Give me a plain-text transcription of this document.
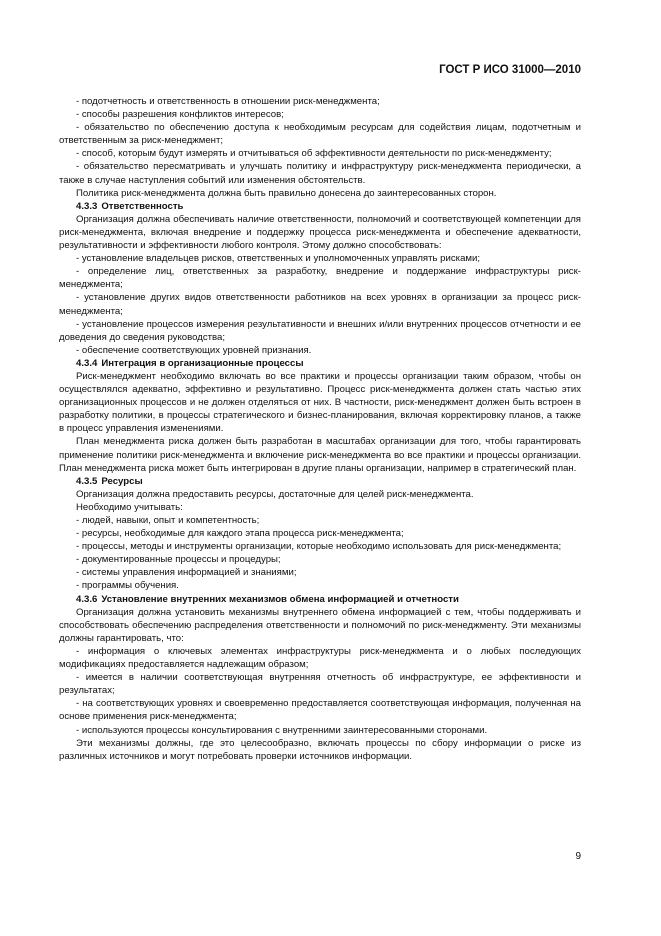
ГОСТ Р ИСО 31000—2010

- подотчетность и ответственность в отношении риск-менеджмента;

- способы разрешения конфликтов интересов;

- обязательство по обеспечению доступа к необходимым ресурсам для содействия лицам, подотчетным и ответственным за риск-менеджмент;

- способ, которым будут измерять и отчитываться об эффективности деятельности по риск-менеджменту;

- обязательство пересматривать и улучшать политику и инфраструктуру риск-менеджмента периодически, а также в случае наступления событий или изменения обстоятельств.

Политика риск-менеджмента должна быть правильно донесена до заинтересованных сторон.

4.3.3 Ответственность

Организация должна обеспечивать наличие ответственности, полномочий и соответствующей компетенции для риск-менеджмента, включая внедрение и поддержку процесса риск-менеджмента и обеспечение адекватности, результативности и эффективности любого контроля. Этому должно способствовать:

- установление владельцев рисков, ответственных и уполномоченных управлять рисками;

- определение лиц, ответственных за разработку, внедрение и поддержание инфраструктуры риск-менеджмента;

- установление других видов ответственности работников на всех уровнях в организации за процесс риск-менеджмента;

- установление процессов измерения результативности и внешних и/или внутренних процессов отчетности и ее доведения до сведения руководства;

- обеспечение соответствующих уровней признания.

4.3.4 Интеграция в организационные процессы

Риск-менеджмент необходимо включать во все практики и процессы организации таким образом, чтобы он осуществлялся адекватно, эффективно и результативно. Процесс риск-менеджмента должен стать частью этих организационных процессов и не должен отделяться от них. В частности, риск-менеджмент должен быть встроен в разработку политики, в процессы стратегического и бизнес-планирования, включая корректировку планов, а также в процесс управления изменениями.

План менеджмента риска должен быть разработан в масштабах организации для того, чтобы гарантировать применение политики риск-менеджмента и включение риск-менеджмента во все практики и процессы организации. План менеджмента риска может быть интегрирован в другие планы организации, например в стратегический план.

4.3.5 Ресурсы

Организация должна предоставить ресурсы, достаточные для целей риск-менеджмента.

Необходимо учитывать:

- людей, навыки, опыт и компетентность;

- ресурсы, необходимые для каждого этапа процесса риск-менеджмента;

- процессы, методы и инструменты организации, которые необходимо использовать для риск-менеджмента;

- документированные процессы и процедуры;

- системы управления информацией и знаниями;

- программы обучения.

4.3.6 Установление внутренних механизмов обмена информацией и отчетности

Организация должна установить механизмы внутреннего обмена информацией с тем, чтобы поддерживать и способствовать обеспечению распределения ответственности и полномочий по риск-менеджменту. Эти механизмы должны гарантировать, что:

- информация о ключевых элементах инфраструктуры риск-менеджмента и о любых последующих модификациях предоставляется надлежащим образом;

- имеется в наличии соответствующая внутренняя отчетность об инфраструктуре, ее эффективности и результатах;

- на соответствующих уровнях и своевременно предоставляется соответствующая информация, полученная на основе применения риск-менеджмента;

- используются процессы консультирования с внутренними заинтересованными сторонами.

Эти механизмы должны, где это целесообразно, включать процессы по сбору информации о риске из различных источников и могут потребовать проверки источников информации.

9
